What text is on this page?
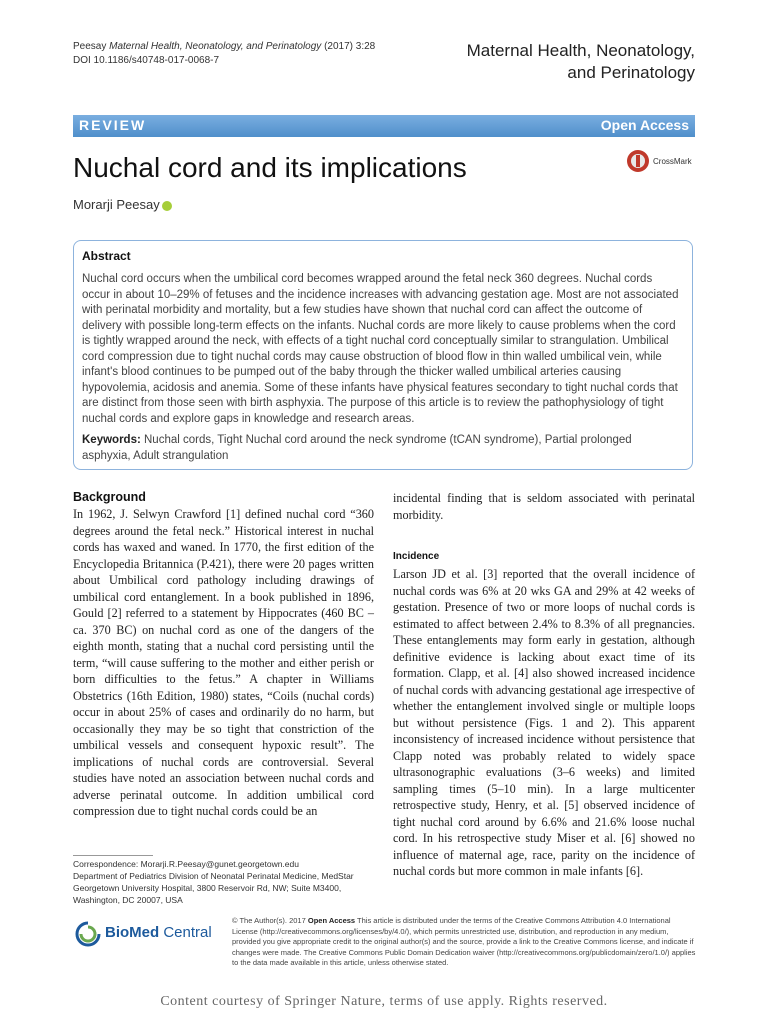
Peesay Maternal Health, Neonatology, and Perinatology (2017) 3:28
DOI 10.1186/s40748-017-0068-7
Maternal Health, Neonatology,
and Perinatology
REVIEW	Open Access
Nuchal cord and its implications	CrossMark
Morarji Peesay
Abstract
Nuchal cord occurs when the umbilical cord becomes wrapped around the fetal neck 360 degrees. Nuchal cords occur in about 10–29% of fetuses and the incidence increases with advancing gestation age. Most are not associated with perinatal morbidity and mortality, but a few studies have shown that nuchal cord can affect the outcome of delivery with possible long-term effects on the infants. Nuchal cords are more likely to cause problems when the cord is tightly wrapped around the neck, with effects of a tight nuchal cord conceptually similar to strangulation. Umbilical cord compression due to tight nuchal cords may cause obstruction of blood flow in thin walled umbilical vein, while infant's blood continues to be pumped out of the baby through the thicker walled umbilical arteries causing hypovolemia, acidosis and anemia. Some of these infants have physical features secondary to tight nuchal cords that are distinct from those seen with birth asphyxia. The purpose of this article is to review the pathophysiology of tight nuchal cords and explore gaps in knowledge and research areas.
Keywords: Nuchal cords, Tight Nuchal cord around the neck syndrome (tCAN syndrome), Partial prolonged asphyxia, Adult strangulation
Background
In 1962, J. Selwyn Crawford [1] defined nuchal cord “360 degrees around the fetal neck.” Historical interest in nuchal cords has waxed and waned. In 1770, the first edition of the Encyclopedia Britannica (P.421), there were 20 pages written about Umbilical cord pathology including drawings of umbilical cord entanglement. In a book published in 1896, Gould [2] referred to a statement by Hippocrates (460 BC –ca. 370 BC) on nuchal cord as one of the dangers of the eighth month, stating that a nuchal cord persisting until the term, “will cause suffering to the mother and either perish or born difficulties to the fetus.” A chapter in Williams Obstetrics (16th Edition, 1980) states, “Coils (nuchal cords) occur in about 25% of cases and ordinarily do no harm, but occasionally they may be so tight that constriction of the umbilical vessels and consequent hypoxic result”. The implications of nuchal cords are controversial. Several studies have noted an association between nuchal cords and adverse perinatal outcome. In addition umbilical cord compression due to tight nuchal cords could be an
incidental finding that is seldom associated with perinatal morbidity.
Incidence
Larson JD et al. [3] reported that the overall incidence of nuchal cords was 6% at 20 wks GA and 29% at 42 weeks of gestation. Presence of two or more loops of nuchal cords is estimated to affect between 2.4% to 8.3% of all pregnancies. These entanglements may form early in gestation, although definitive evidence is lacking about exact time of its formation. Clapp, et al. [4] also showed increased incidence of nuchal cords with advancing gestational age irrespective of whether the entanglement involved single or multiple loops but without persistence (Figs. 1 and 2). This apparent inconsistency of increased incidence without persistence that Clapp noted was probably related to widely space ultrasonographic evaluations (3–6 weeks) and limited sampling times (5–10 min). In a large multicenter retrospective study, Henry, et al. [5] observed incidence of tight nuchal cord around by 6.6% and 21.6% loose nuchal cord. In his retrospective study Miser et al. [6] showed no influence of maternal age, race, parity on the incidence of nuchal cords but more common in male infants [6].
Correspondence: Morarji.R.Peesay@gunet.georgetown.edu
Department of Pediatrics Division of Neonatal Perinatal Medicine, MedStar Georgetown University Hospital, 3800 Reservoir Rd, NW; Suite M3400, Washington, DC 20007, USA
BioMed Central
© The Author(s). 2017 Open Access This article is distributed under the terms of the Creative Commons Attribution 4.0 International License (http://creativecommons.org/licenses/by/4.0/), which permits unrestricted use, distribution, and reproduction in any medium, provided you give appropriate credit to the original author(s) and the source, provide a link to the Creative Commons license, and indicate if changes were made. The Creative Commons Public Domain Dedication waiver (http://creativecommons.org/publicdomain/zero/1.0/) applies to the data made available in this article, unless otherwise stated.
Content courtesy of Springer Nature, terms of use apply. Rights reserved.
